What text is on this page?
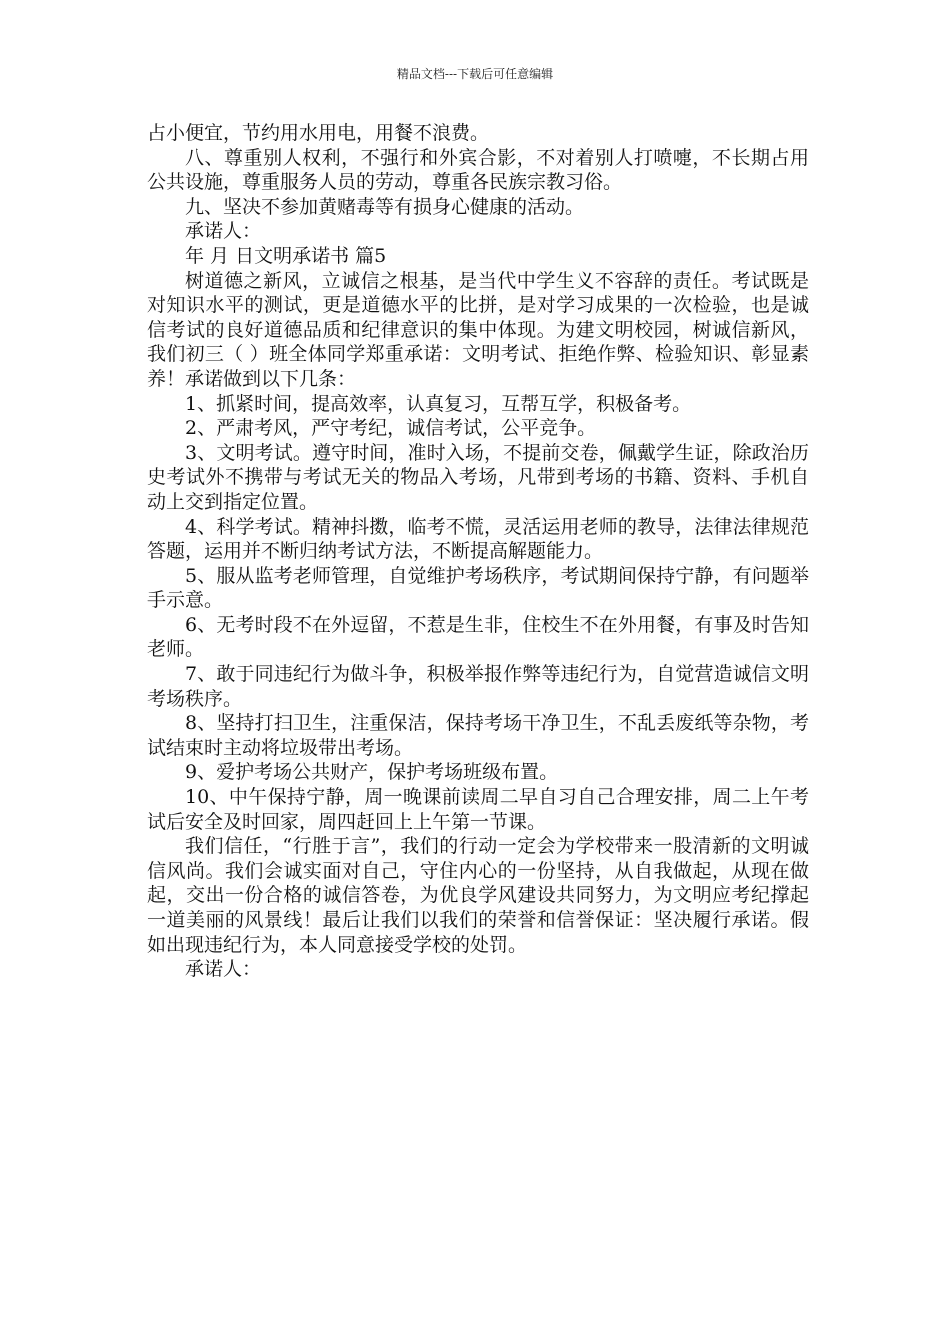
精品文档---下载后可任意编辑

占小便宜，节约用水用电，用餐不浪费。

八、尊重别人权利，不强行和外宾合影，不对着别人打喷嚏，不长期占用公共设施，尊重服务人员的劳动，尊重各民族宗教习俗。

九、坚决不参加黄赌毒等有损身心健康的活动。

承诺人：

年 月 日文明承诺书 篇5

树道德之新风，立诚信之根基，是当代中学生义不容辞的责任。考试既是对知识水平的测试，更是道德水平的比拼，是对学习成果的一次检验，也是诚信考试的良好道德品质和纪律意识的集中体现。为建文明校园，树诚信新风，我们初三（ ）班全体同学郑重承诺：文明考试、拒绝作弊、检验知识、彰显素养！承诺做到以下几条：

1、抓紧时间，提高效率，认真复习，互帮互学，积极备考。

2、严肃考风，严守考纪，诚信考试，公平竞争。

3、文明考试。遵守时间，准时入场，不提前交卷，佩戴学生证，除政治历史考试外不携带与考试无关的物品入考场，凡带到考场的书籍、资料、手机自动上交到指定位置。

4、科学考试。精神抖擞，临考不慌，灵活运用老师的教导，法律法律规范答题，运用并不断归纳考试方法，不断提高解题能力。

5、服从监考老师管理，自觉维护考场秩序，考试期间保持宁静，有问题举手示意。

6、无考时段不在外逗留，不惹是生非，住校生不在外用餐，有事及时告知老师。

7、敢于同违纪行为做斗争，积极举报作弊等违纪行为，自觉营造诚信文明考场秩序。

8、坚持打扫卫生，注重保洁，保持考场干净卫生，不乱丢废纸等杂物，考试结束时主动将垃圾带出考场。

9、爱护考场公共财产，保护考场班级布置。

10、中午保持宁静，周一晚课前读周二早自习自己合理安排，周二上午考试后安全及时回家，周四赶回上上午第一节课。

我们信任，“行胜于言”，我们的行动一定会为学校带来一股清新的文明诚信风尚。我们会诚实面对自己，守住内心的一份坚持，从自我做起，从现在做起，交出一份合格的诚信答卷，为优良学风建设共同努力，为文明应考纪撑起一道美丽的风景线！最后让我们以我们的荣誉和信誉保证：坚决履行承诺。假如出现违纪行为，本人同意接受学校的处罚。

承诺人：
